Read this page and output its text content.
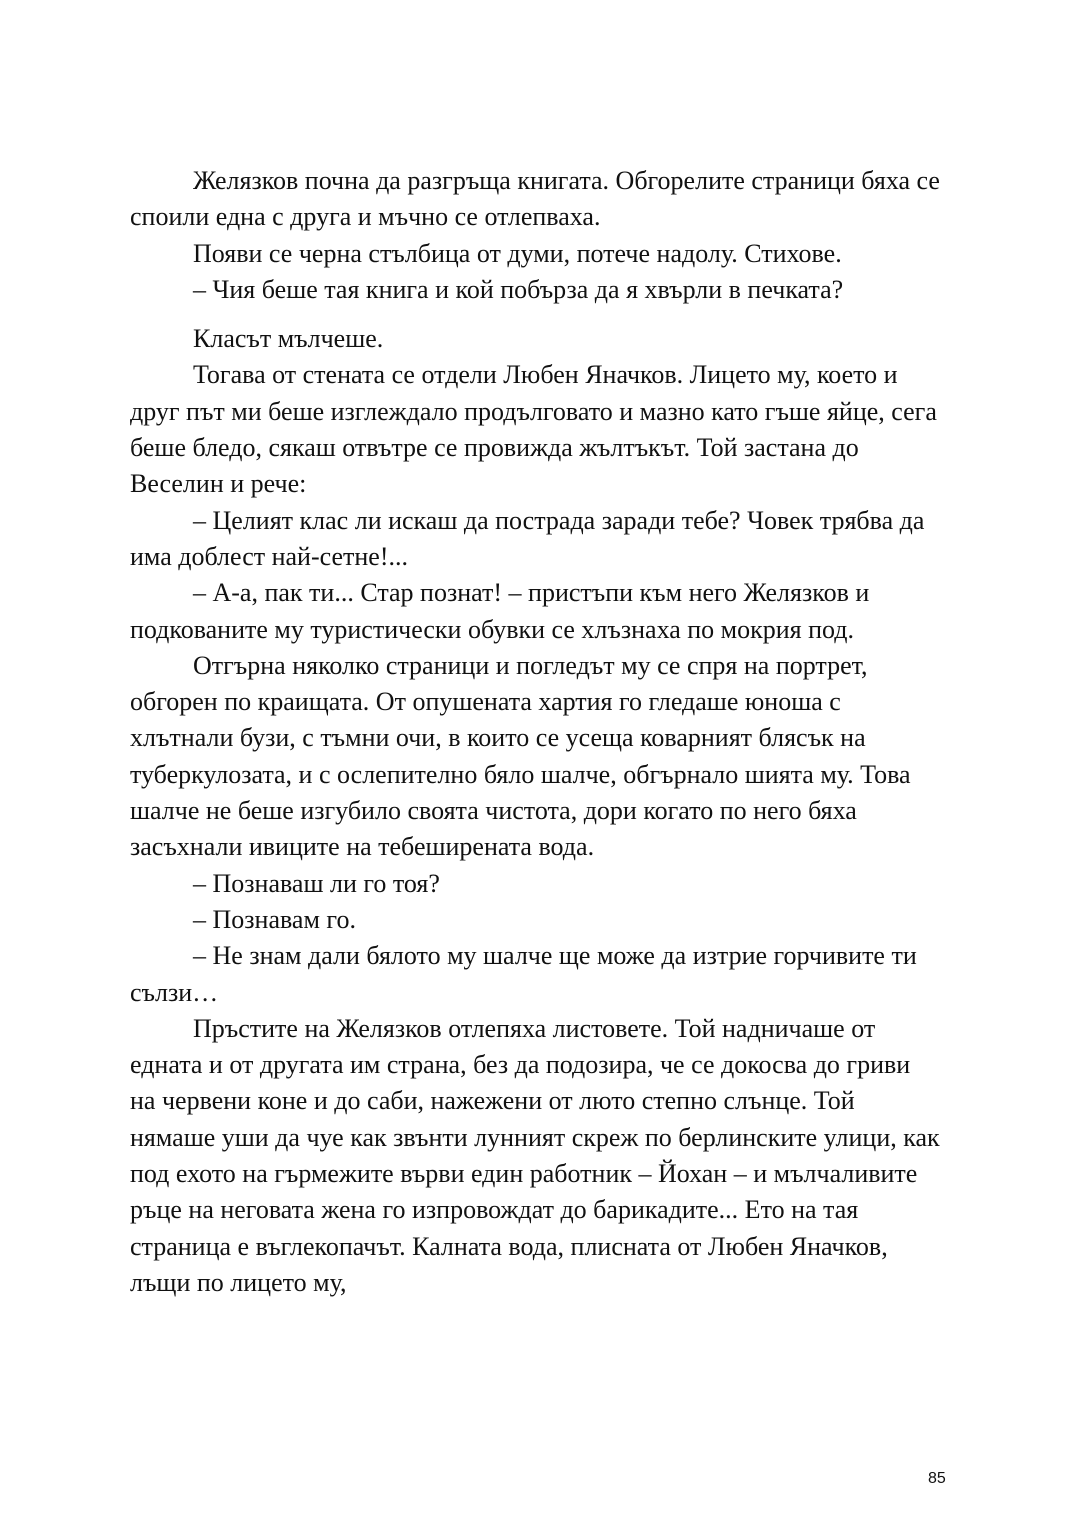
Желязков почна да разгръща книгата. Обгорелите страници бяха се споили една с друга и мъчно се отлепваха.

Появи се черна стълбица от думи, потече надолу. Стихове.

– Чия беше тая книга и кой побърза да я хвърли в печката?

Класът мълчеше.

Тогава от стената се отдели Любен Яначков. Лицето му, което и друг път ми беше изглеждало продълговато и мазно като гъше яйце, сега беше бледо, сякаш отвътре се провижда жълтъкът. Той застана до Веселин и рече:

– Целият клас ли искаш да пострада заради тебе? Човек трябва да има доблест най-сетне!...

– А-а, пак ти... Стар познат! – пристъпи към него Желязков и подкованите му туристически обувки се хлъзнаха по мокрия под.

Отгърна няколко страници и погледът му се спря на портрет, обгорен по краищата. От опушената хартия го гледаше юноша с хлътнали бузи, с тъмни очи, в които се усеща коварният блясък на туберкулозата, и с ослепително бяло шалче, обгърнало шията му. Това шалче не беше изгубило своята чистота, дори когато по него бяха засъхнали ивиците на тебеширената вода.

– Познаваш ли го тоя?

– Познавам го.

– Не знам дали бялото му шалче ще може да изтрие горчивите ти сълзи…

Пръстите на Желязков отлепяха листовете. Той надничаше от едната и от другата им страна, без да подозира, че се докосва до гриви на червени коне и до саби, нажежени от люто степно слънце. Той нямаше уши да чуе как звънти лунният скреж по берлинските улици, как под ехото на гърмежите върви един работник – Йохан – и мълчаливите ръце на неговата жена го изпровождат до барикадите... Ето на тая страница е въглекопачът. Калната вода, плисната от Любен Яначков, лъщи по лицето му,

85
